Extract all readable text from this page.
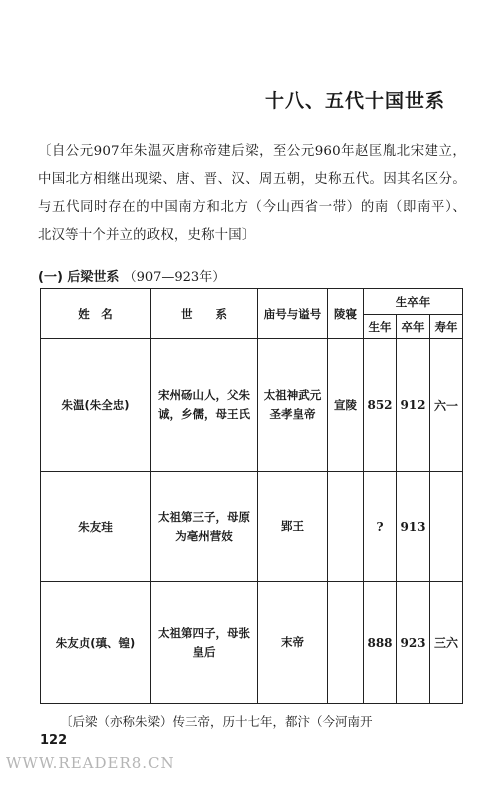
十八、五代十国世系
〔自公元907年朱温灭唐称帝建后梁，至公元960年赵匡胤北宋建立，中国北方相继出现梁、唐、晋、汉、周五朝，史称五代。因其名区分。与五代同时存在的中国南方和北方（今山西省一带）的南（即南平）、北汉等十个并立的政权，史称十国〕
(一) 后梁世系 （907—923年）
姓　名	世　　系	庙号与谥号	陵寝	生卒年		
				生年	卒年	寿年
朱温(朱全忠)	宋州砀山人，父朱诚，乡儒，母王氏	太祖神武元圣孝皇帝	宣陵	852	912	六一
朱友珪	太祖第三子，母原为亳州营妓	郢王		?	913	
朱友贞(瑱、锽)	太祖第四子，母张皇后	末帝		888	923	三六
〔后梁（亦称朱梁）传三帝，历十七年，都汴（今河南开
122
WWW.READER8.CN
